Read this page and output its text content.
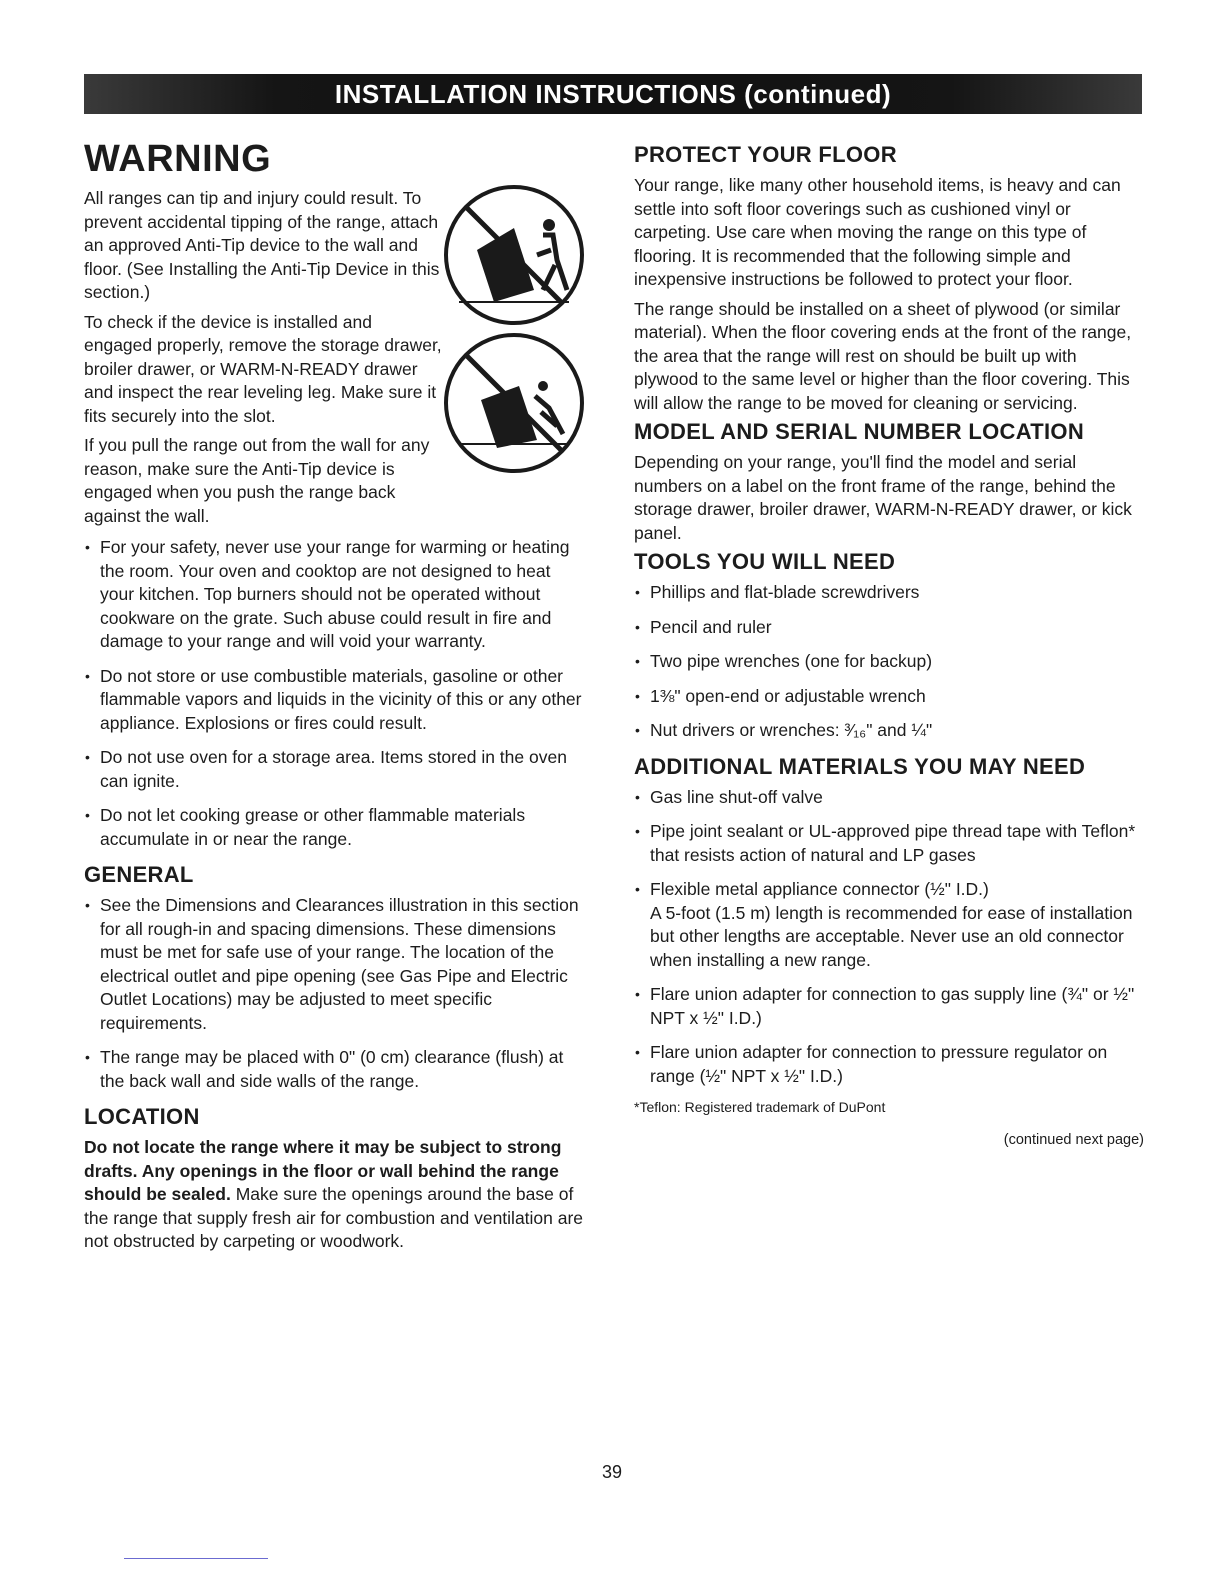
INSTALLATION INSTRUCTIONS (continued)
WARNING

All ranges can tip and injury could result. To prevent accidental tipping of the range, attach an approved Anti-Tip device to the wall and floor. (See Installing the Anti-Tip Device in this section.)

To check if the device is installed and engaged properly, remove the storage drawer, broiler drawer, or WARM-N-READY drawer and inspect the rear leveling leg. Make sure it fits securely into the slot.

If you pull the range out from the wall for any reason, make sure the Anti-Tip device is engaged when you push the range back against the wall.

• For your safety, never use your range for warming or heating the room. Your oven and cooktop are not designed to heat your kitchen. Top burners should not be operated without cookware on the grate. Such abuse could result in fire and damage to your range and will void your warranty.
• Do not store or use combustible materials, gasoline or other flammable vapors and liquids in the vicinity of this or any other appliance. Explosions or fires could result.
• Do not use oven for a storage area. Items stored in the oven can ignite.
• Do not let cooking grease or other flammable materials accumulate in or near the range.
GENERAL
• See the Dimensions and Clearances illustration in this section for all rough-in and spacing dimensions. These dimensions must be met for safe use of your range. The location of the electrical outlet and pipe opening (see Gas Pipe and Electric Outlet Locations) may be adjusted to meet specific requirements.
• The range may be placed with 0" (0 cm) clearance (flush) at the back wall and side walls of the range.
LOCATION

Do not locate the range where it may be subject to strong drafts. Any openings in the floor or wall behind the range should be sealed. Make sure the openings around the base of the range that supply fresh air for combustion and ventilation are not obstructed by carpeting or woodwork.

PROTECT YOUR FLOOR

Your range, like many other household items, is heavy and can settle into soft floor coverings such as cushioned vinyl or carpeting. Use care when moving the range on this type of flooring. It is recommended that the following simple and inexpensive instructions be followed to protect your floor.

The range should be installed on a sheet of plywood (or similar material). When the floor covering ends at the front of the range, the area that the range will rest on should be built up with plywood to the same level or higher than the floor covering. This will allow the range to be moved for cleaning or servicing.

MODEL AND SERIAL NUMBER LOCATION

Depending on your range, you'll find the model and serial numbers on a label on the front frame of the range, behind the storage drawer, broiler drawer, WARM-N-READY drawer, or kick panel.

TOOLS YOU WILL NEED
• Phillips and flat-blade screwdrivers
• Pencil and ruler
• Two pipe wrenches (one for backup)
• 1⅜" open-end or adjustable wrench
• Nut drivers or wrenches: ³⁄₁₆" and ¼"
ADDITIONAL MATERIALS YOU MAY NEED
• Gas line shut-off valve
• Pipe joint sealant or UL-approved pipe thread tape with Teflon* that resists action of natural and LP gases
• Flexible metal appliance connector (½" I.D.)
A 5-foot (1.5 m) length is recommended for ease of installation but other lengths are acceptable. Never use an old connector when installing a new range.
• Flare union adapter for connection to gas supply line (¾" or ½" NPT x ½" I.D.)
• Flare union adapter for connection to pressure regulator on range (½" NPT x ½" I.D.)

*Teflon: Registered trademark of DuPont

(continued next page)

39
